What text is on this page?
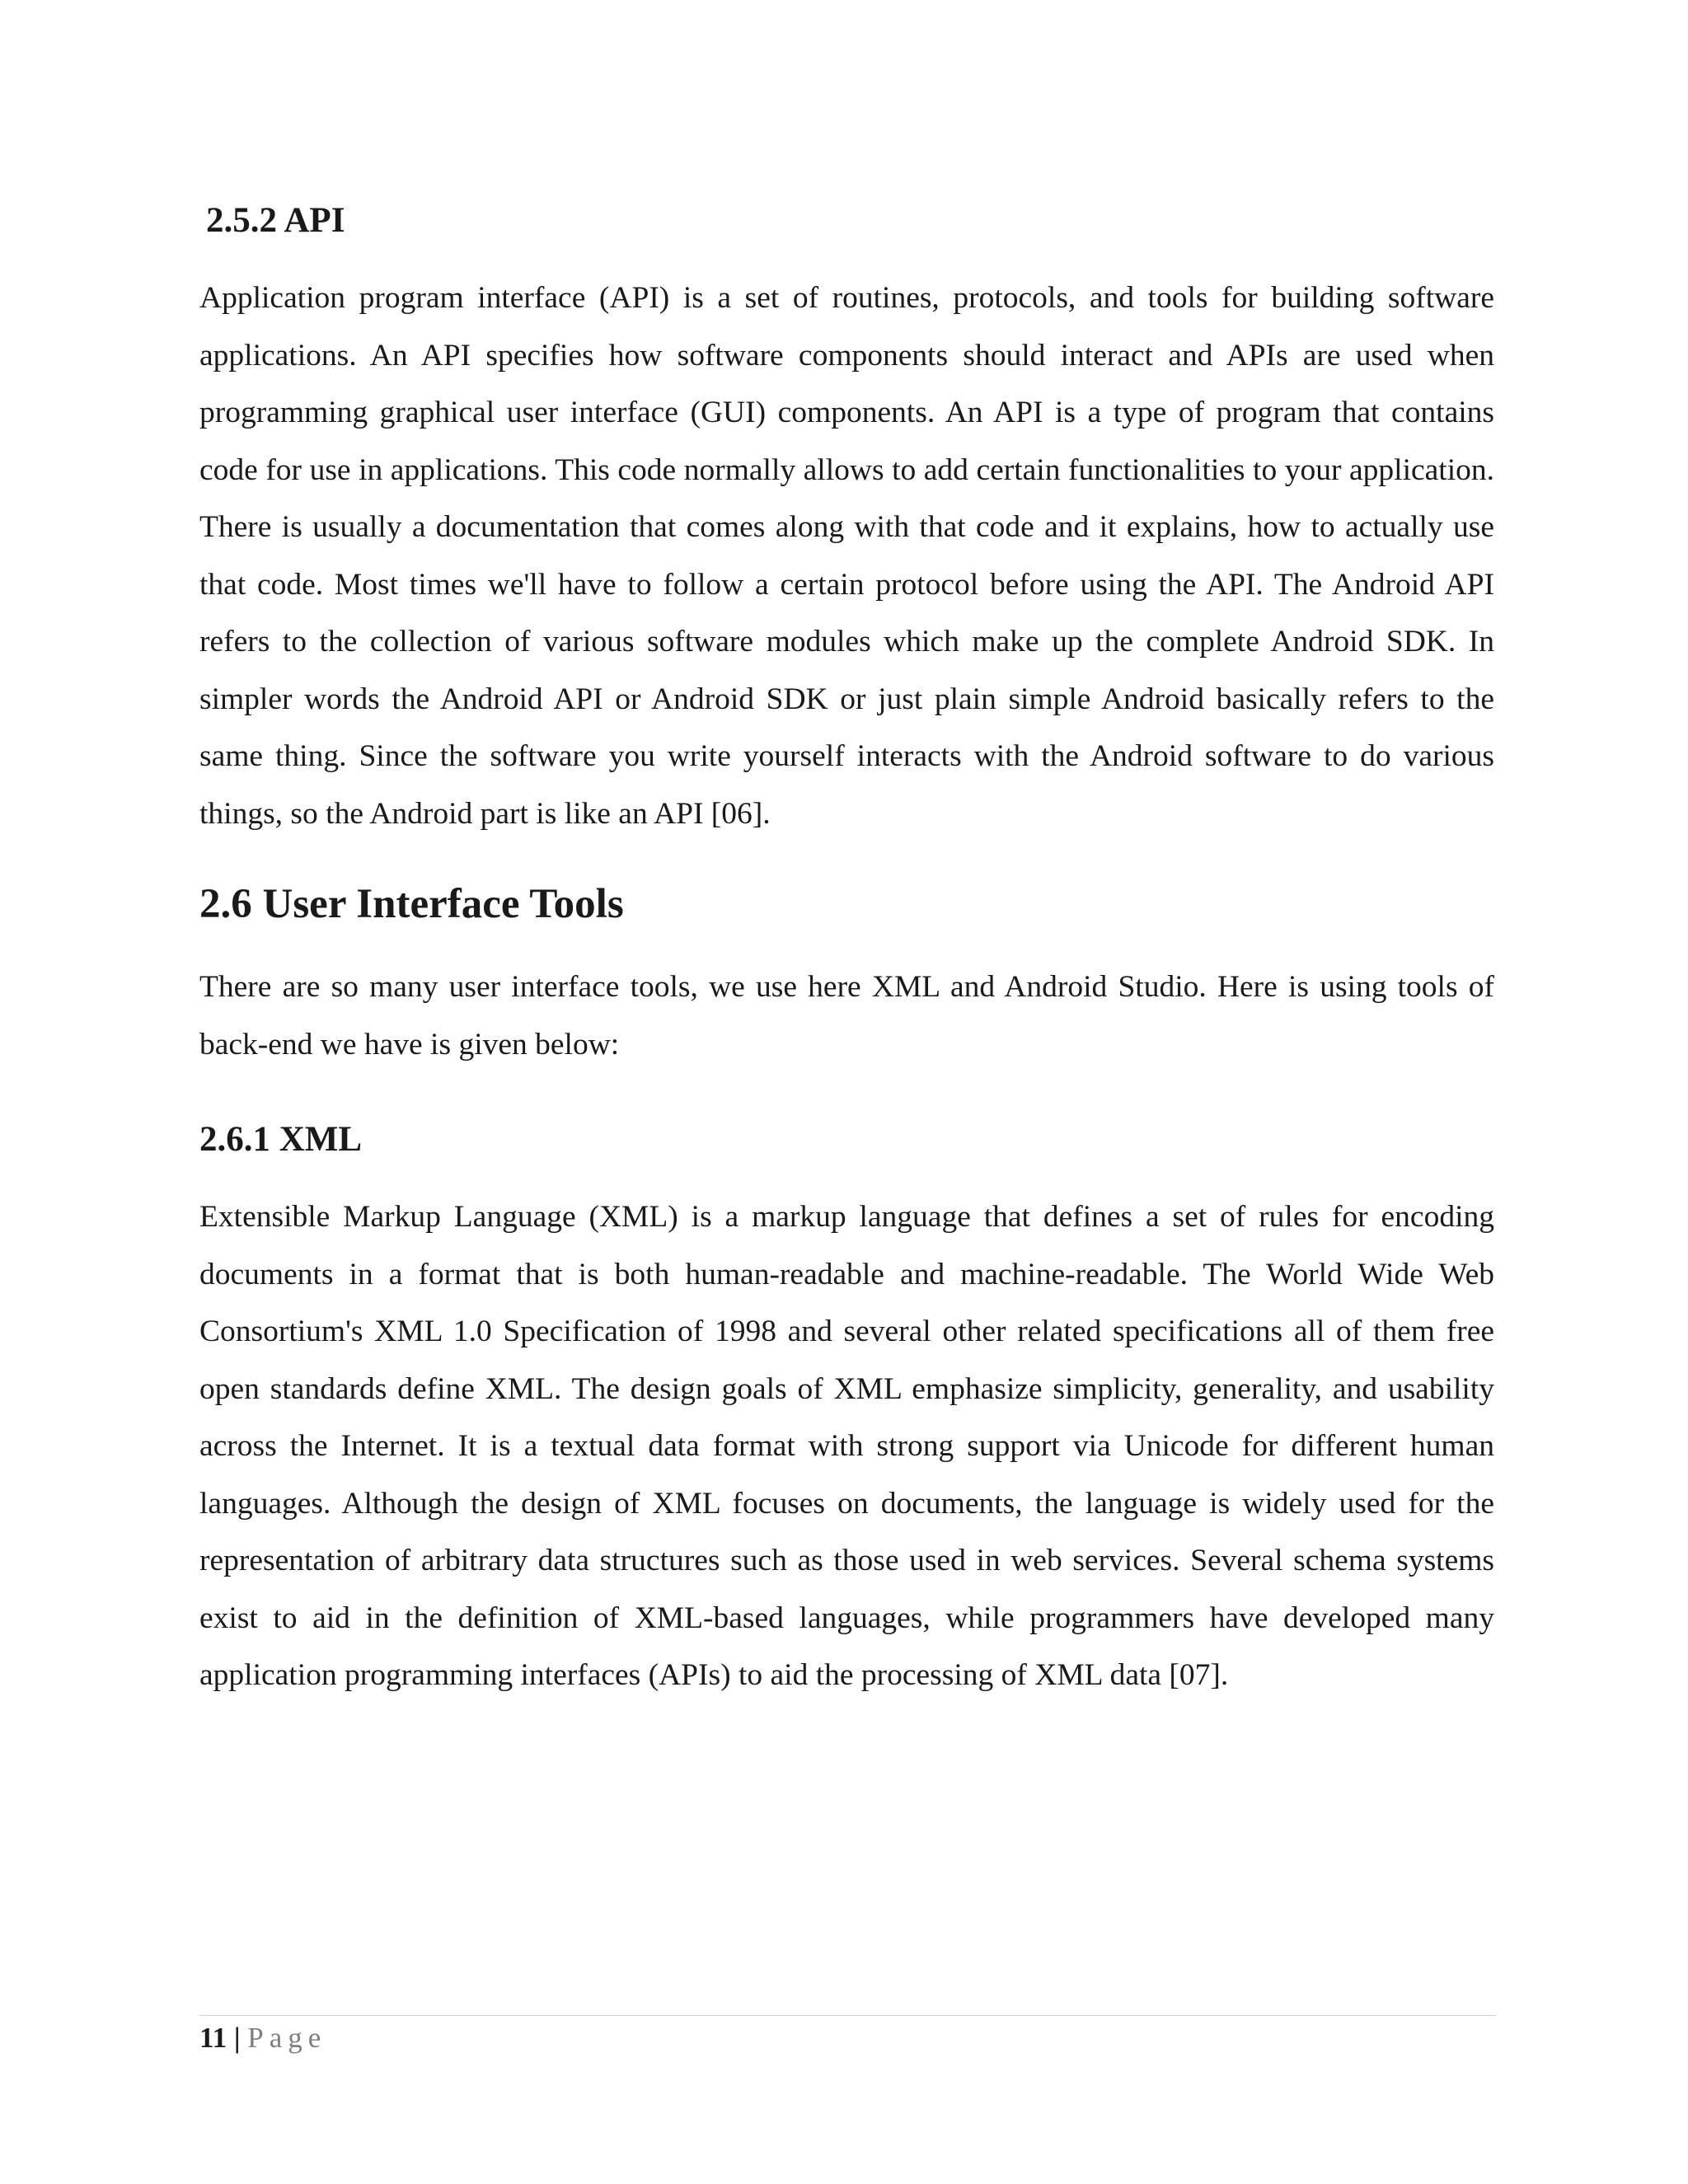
2.5.2 API

Application program interface (API) is a set of routines, protocols, and tools for building software applications. An API specifies how software components should interact and APIs are used when programming graphical user interface (GUI) components. An API is a type of program that contains code for use in applications. This code normally allows to add certain functionalities to your application. There is usually a documentation that comes along with that code and it explains, how to actually use that code. Most times we'll have to follow a certain protocol before using the API. The Android API refers to the collection of various software modules which make up the complete Android SDK. In simpler words the Android API or Android SDK or just plain simple Android basically refers to the same thing. Since the software you write yourself interacts with the Android software to do various things, so the Android part is like an API [06].

2.6 User Interface Tools

There are so many user interface tools, we use here XML and Android Studio. Here is using tools of back-end we have is given below:

2.6.1 XML

Extensible Markup Language (XML) is a markup language that defines a set of rules for encoding documents in a format that is both human-readable and machine-readable. The World Wide Web Consortium's XML 1.0 Specification of 1998 and several other related specifications all of them free open standards define XML. The design goals of XML emphasize simplicity, generality, and usability across the Internet. It is a textual data format with strong support via Unicode for different human languages. Although the design of XML focuses on documents, the language is widely used for the representation of arbitrary data structures such as those used in web services. Several schema systems exist to aid in the definition of XML-based languages, while programmers have developed many application programming interfaces (APIs) to aid the processing of XML data [07].

11 | Page
